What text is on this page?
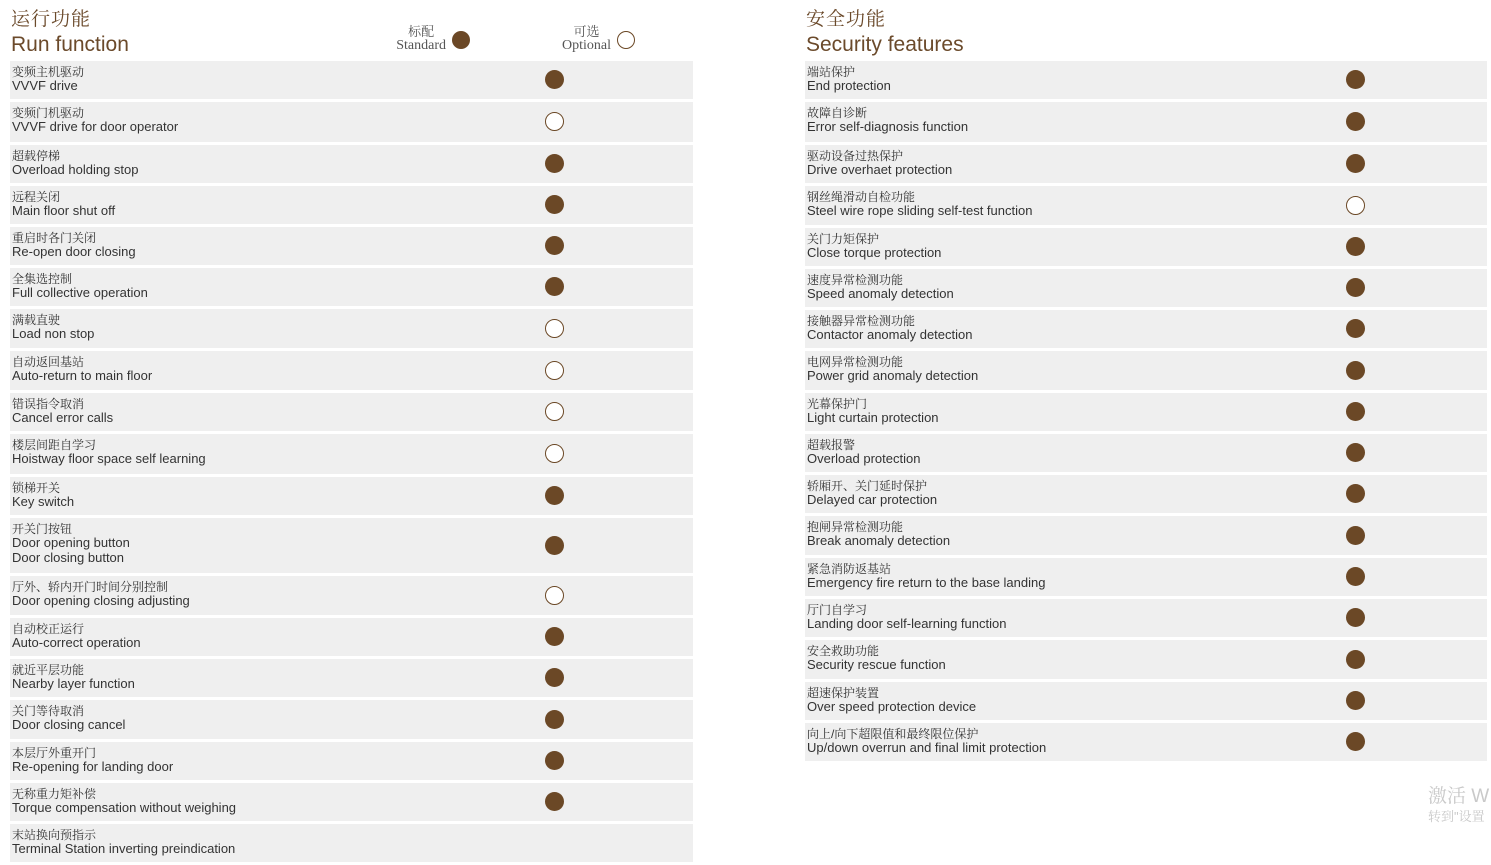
运行功能
Run function
标配
Standard
可选
Optional
变频主机驱动
VVVF drive
变频门机驱动
VVVF drive for door operator
超载停梯
Overload holding stop
远程关闭
Main floor shut off
重启时各门关闭
Re-open door closing
全集选控制
Full collective operation
满载直驶
Load non stop
自动返回基站
Auto-return to main floor
错误指令取消
Cancel error calls
楼层间距自学习
Hoistway floor space self learning
锁梯开关
Key switch
开关门按钮
Door opening button
Door closing button
厅外、轿内开门时间分别控制
Door opening closing adjusting
自动校正运行
Auto-correct operation
就近平层功能
Nearby layer function
关门等待取消
Door closing cancel
本层厅外重开门
Re-opening for landing door
无称重力矩补偿
Torque compensation without weighing
末站换向预指示
Terminal Station inverting preindication
安全功能
Security features
端站保护
End protection
故障自诊断
Error self-diagnosis function
驱动设备过热保护
Drive overhaet protection
钢丝绳滑动自检功能
Steel wire rope sliding self-test function
关门力矩保护
Close torque protection
速度异常检测功能
Speed anomaly detection
接触器异常检测功能
Contactor anomaly detection
电网异常检测功能
Power grid anomaly detection
光幕保护门
Light curtain protection
超载报警
Overload protection
轿厢开、关门延时保护
Delayed car protection
抱闸异常检测功能
Break anomaly detection
紧急消防返基站
Emergency fire return to the base landing
厅门自学习
Landing door self-learning function
安全救助功能
Security rescue function
超速保护装置
Over speed protection device
向上/向下超限值和最终限位保护
Up/down overrun and final limit protection
激活 W
转到"设置
